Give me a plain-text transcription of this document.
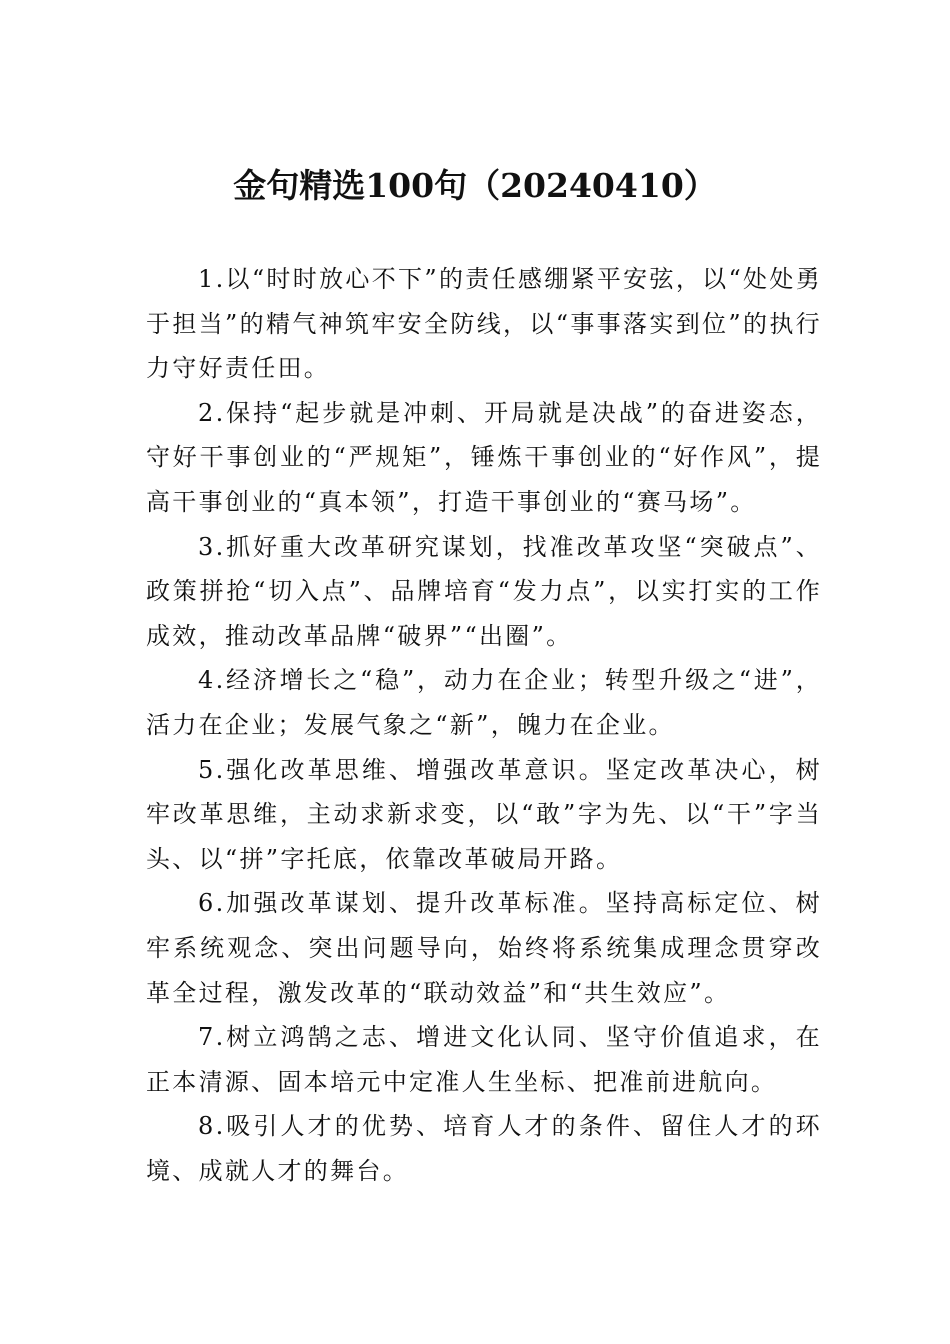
金句精选100句（20240410）

1.以“时时放心不下”的责任感绷紧平安弦，以“处处勇于担当”的精气神筑牢安全防线，以“事事落实到位”的执行力守好责任田。

2.保持“起步就是冲刺、开局就是决战”的奋进姿态，守好干事创业的“严规矩”，锤炼干事创业的“好作风”，提高干事创业的“真本领”，打造干事创业的“赛马场”。

3.抓好重大改革研究谋划，找准改革攻坚“突破点”、政策拼抢“切入点”、品牌培育“发力点”，以实打实的工作成效，推动改革品牌“破界”“出圈”。

4.经济增长之“稳”，动力在企业；转型升级之“进”，活力在企业；发展气象之“新”，魄力在企业。

5.强化改革思维、增强改革意识。坚定改革决心，树牢改革思维，主动求新求变，以“敢”字为先、以“干”字当头、以“拼”字托底，依靠改革破局开路。

6.加强改革谋划、提升改革标准。坚持高标定位、树牢系统观念、突出问题导向，始终将系统集成理念贯穿改革全过程，激发改革的“联动效益”和“共生效应”。

7.树立鸿鹄之志、增进文化认同、坚守价值追求，在正本清源、固本培元中定准人生坐标、把准前进航向。

8.吸引人才的优势、培育人才的条件、留住人才的环境、成就人才的舞台。
